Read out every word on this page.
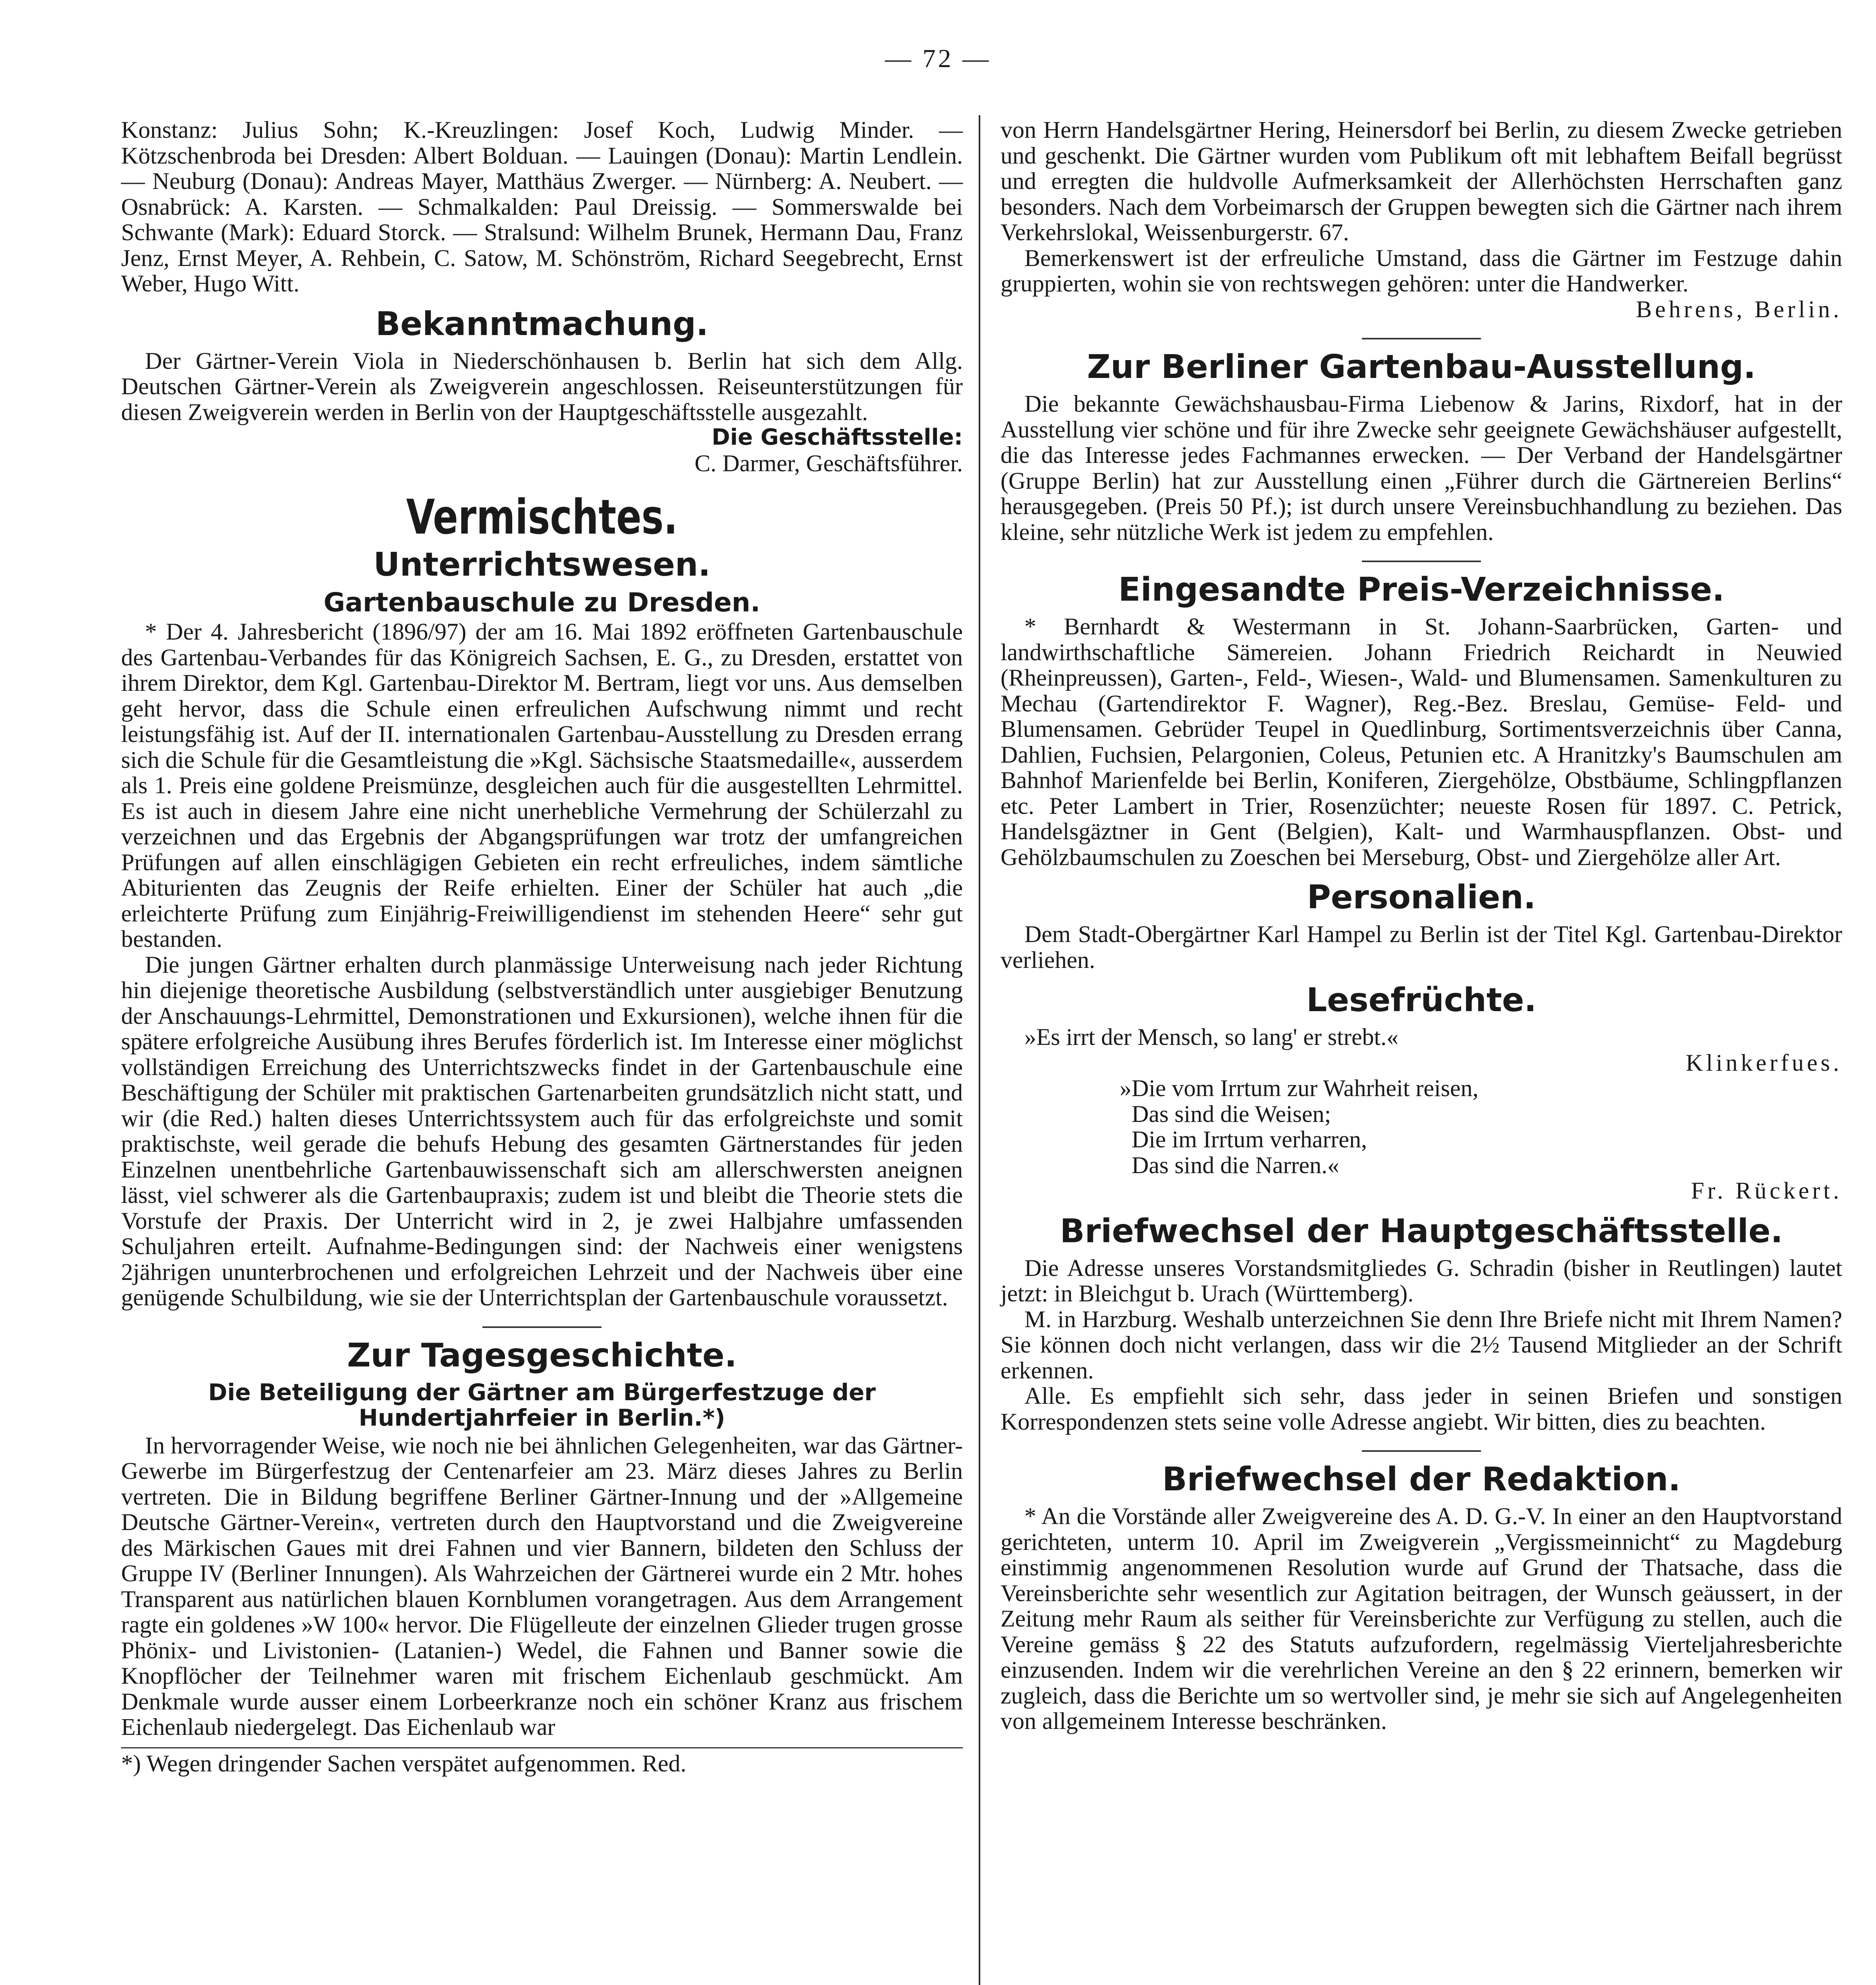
— 72 —

Konstanz: Julius Sohn; K.-Kreuzlingen: Josef Koch, Ludwig Minder. — Kötzschenbroda bei Dresden: Albert Bolduan. — Lauingen (Donau): Martin Lendlein. — Neuburg (Donau): Andreas Mayer, Matthäus Zwerger. — Nürnberg: A. Neubert. — Osnabrück: A. Karsten. — Schmalkalden: Paul Dreissig. — Sommerswalde bei Schwante (Mark): Eduard Storck. — Stralsund: Wilhelm Brunek, Hermann Dau, Franz Jenz, Ernst Meyer, A. Rehbein, C. Satow, M. Schönström, Richard Seegebrecht, Ernst Weber, Hugo Witt.

Bekanntmachung.

Der Gärtner-Verein Viola in Niederschönhausen b. Berlin hat sich dem Allg. Deutschen Gärtner-Verein als Zweigverein angeschlossen. Reiseunterstützungen für diesen Zweigverein werden in Berlin von der Hauptgeschäftsstelle ausgezahlt.

Die Geschäftsstelle:

C. Darmer, Geschäftsführer.

Vermischtes.
Unterrichtswesen.
Gartenbauschule zu Dresden.

* Der 4. Jahresbericht (1896/97) der am 16. Mai 1892 eröffneten Gartenbauschule des Gartenbau-Verbandes für das Königreich Sachsen, E. G., zu Dresden, erstattet von ihrem Direktor, dem Kgl. Gartenbau-Direktor M. Bertram, liegt vor uns. Aus demselben geht hervor, dass die Schule einen erfreulichen Aufschwung nimmt und recht leistungsfähig ist. Auf der II. internationalen Gartenbau-Ausstellung zu Dresden errang sich die Schule für die Gesamtleistung die »Kgl. Sächsische Staatsmedaille«, ausserdem als 1. Preis eine goldene Preismünze, desgleichen auch für die ausgestellten Lehrmittel. Es ist auch in diesem Jahre eine nicht unerhebliche Vermehrung der Schülerzahl zu verzeichnen und das Ergebnis der Abgangsprüfungen war trotz der umfangreichen Prüfungen auf allen einschlägigen Gebieten ein recht erfreuliches, indem sämtliche Abiturienten das Zeugnis der Reife erhielten. Einer der Schüler hat auch „die erleichterte Prüfung zum Einjährig-Freiwilligendienst im stehenden Heere“ sehr gut bestanden.

Die jungen Gärtner erhalten durch planmässige Unterweisung nach jeder Richtung hin diejenige theoretische Ausbildung (selbstverständlich unter ausgiebiger Benutzung der Anschauungs-Lehrmittel, Demonstrationen und Exkursionen), welche ihnen für die spätere erfolgreiche Ausübung ihres Berufes förderlich ist. Im Interesse einer möglichst vollständigen Erreichung des Unterrichtszwecks findet in der Gartenbauschule eine Beschäftigung der Schüler mit praktischen Gartenarbeiten grundsätzlich nicht statt, und wir (die Red.) halten dieses Unterrichtssystem auch für das erfolgreichste und somit praktischste, weil gerade die behufs Hebung des gesamten Gärtnerstandes für jeden Einzelnen unentbehrliche Gartenbauwissenschaft sich am allerschwersten aneignen lässt, viel schwerer als die Gartenbaupraxis; zudem ist und bleibt die Theorie stets die Vorstufe der Praxis. Der Unterricht wird in 2, je zwei Halbjahre umfassenden Schuljahren erteilt. Aufnahme-Bedingungen sind: der Nachweis einer wenigstens 2jährigen ununterbrochenen und erfolgreichen Lehrzeit und der Nachweis über eine genügende Schulbildung, wie sie der Unterrichtsplan der Gartenbauschule voraussetzt.

Zur Tagesgeschichte.
Die Beteiligung der Gärtner am Bürgerfestzuge der Hundertjahrfeier in Berlin.*)

In hervorragender Weise, wie noch nie bei ähnlichen Gelegenheiten, war das Gärtner-Gewerbe im Bürgerfestzug der Centenarfeier am 23. März dieses Jahres zu Berlin vertreten. Die in Bildung begriffene Berliner Gärtner-Innung und der »Allgemeine Deutsche Gärtner-Verein«, vertreten durch den Hauptvorstand und die Zweigvereine des Märkischen Gaues mit drei Fahnen und vier Bannern, bildeten den Schluss der Gruppe IV (Berliner Innungen). Als Wahrzeichen der Gärtnerei wurde ein 2 Mtr. hohes Transparent aus natürlichen blauen Kornblumen vorangetragen. Aus dem Arrangement ragte ein goldenes »W 100« hervor. Die Flügelleute der einzelnen Glieder trugen grosse Phönix- und Livistonien- (Latanien-) Wedel, die Fahnen und Banner sowie die Knopflöcher der Teilnehmer waren mit frischem Eichenlaub geschmückt. Am Denkmale wurde ausser einem Lorbeerkranze noch ein schöner Kranz aus frischem Eichenlaub niedergelegt. Das Eichenlaub war

*) Wegen dringender Sachen verspätet aufgenommen. Red.

von Herrn Handelsgärtner Hering, Heinersdorf bei Berlin, zu diesem Zwecke getrieben und geschenkt. Die Gärtner wurden vom Publikum oft mit lebhaftem Beifall begrüsst und erregten die huldvolle Aufmerksamkeit der Allerhöchsten Herrschaften ganz besonders. Nach dem Vorbeimarsch der Gruppen bewegten sich die Gärtner nach ihrem Verkehrslokal, Weissenburgerstr. 67.

Bemerkenswert ist der erfreuliche Umstand, dass die Gärtner im Festzuge dahin gruppierten, wohin sie von rechtswegen gehören: unter die Handwerker.

Behrens, Berlin.

Zur Berliner Gartenbau-Ausstellung.

Die bekannte Gewächshausbau-Firma Liebenow & Jarins, Rixdorf, hat in der Ausstellung vier schöne und für ihre Zwecke sehr geeignete Gewächshäuser aufgestellt, die das Interesse jedes Fachmannes erwecken. — Der Verband der Handelsgärtner (Gruppe Berlin) hat zur Ausstellung einen „Führer durch die Gärtnereien Berlins“ herausgegeben. (Preis 50 Pf.); ist durch unsere Vereinsbuchhandlung zu beziehen. Das kleine, sehr nützliche Werk ist jedem zu empfehlen.

Eingesandte Preis-Verzeichnisse.

* Bernhardt & Westermann in St. Johann-Saarbrücken, Garten- und landwirthschaftliche Sämereien. Johann Friedrich Reichardt in Neuwied (Rheinpreussen), Garten-, Feld-, Wiesen-, Wald- und Blumensamen. Samenkulturen zu Mechau (Gartendirektor F. Wagner), Reg.-Bez. Breslau, Gemüse- Feld- und Blumensamen. Gebrüder Teupel in Quedlinburg, Sortimentsverzeichnis über Canna, Dahlien, Fuchsien, Pelargonien, Coleus, Petunien etc. A Hranitzky's Baumschulen am Bahnhof Marienfelde bei Berlin, Koniferen, Ziergehölze, Obstbäume, Schlingpflanzen etc. Peter Lambert in Trier, Rosenzüchter; neueste Rosen für 1897. C. Petrick, Handelsgäztner in Gent (Belgien), Kalt- und Warmhauspflanzen. Obst- und Gehölzbaumschulen zu Zoeschen bei Merseburg, Obst- und Ziergehölze aller Art.

Personalien.

Dem Stadt-Obergärtner Karl Hampel zu Berlin ist der Titel Kgl. Gartenbau-Direktor verliehen.

Lesefrüchte.

»Es irrt der Mensch, so lang' er strebt.«

Klinkerfues.

»Die vom Irrtum zur Wahrheit reisen,

Das sind die Weisen;

Die im Irrtum verharren,

Das sind die Narren.«

Fr. Rückert.

Briefwechsel der Hauptgeschäftsstelle.

Die Adresse unseres Vorstandsmitgliedes G. Schradin (bisher in Reutlingen) lautet jetzt: in Bleichgut b. Urach (Württemberg).

M. in Harzburg. Weshalb unterzeichnen Sie denn Ihre Briefe nicht mit Ihrem Namen? Sie können doch nicht verlangen, dass wir die 2½ Tausend Mitglieder an der Schrift erkennen.

Alle. Es empfiehlt sich sehr, dass jeder in seinen Briefen und sonstigen Korrespondenzen stets seine volle Adresse angiebt. Wir bitten, dies zu beachten.

Briefwechsel der Redaktion.

* An die Vorstände aller Zweigvereine des A. D. G.-V. In einer an den Hauptvorstand gerichteten, unterm 10. April im Zweigverein „Vergissmeinnicht“ zu Magdeburg einstimmig angenommenen Resolution wurde auf Grund der Thatsache, dass die Vereinsberichte sehr wesentlich zur Agitation beitragen, der Wunsch geäussert, in der Zeitung mehr Raum als seither für Vereinsberichte zur Verfügung zu stellen, auch die Vereine gemäss § 22 des Statuts aufzufordern, regelmässig Vierteljahresberichte einzusenden. Indem wir die verehrlichen Vereine an den § 22 erinnern, bemerken wir zugleich, dass die Berichte um so wertvoller sind, je mehr sie sich auf Angelegenheiten von allgemeinem Interesse beschränken.
